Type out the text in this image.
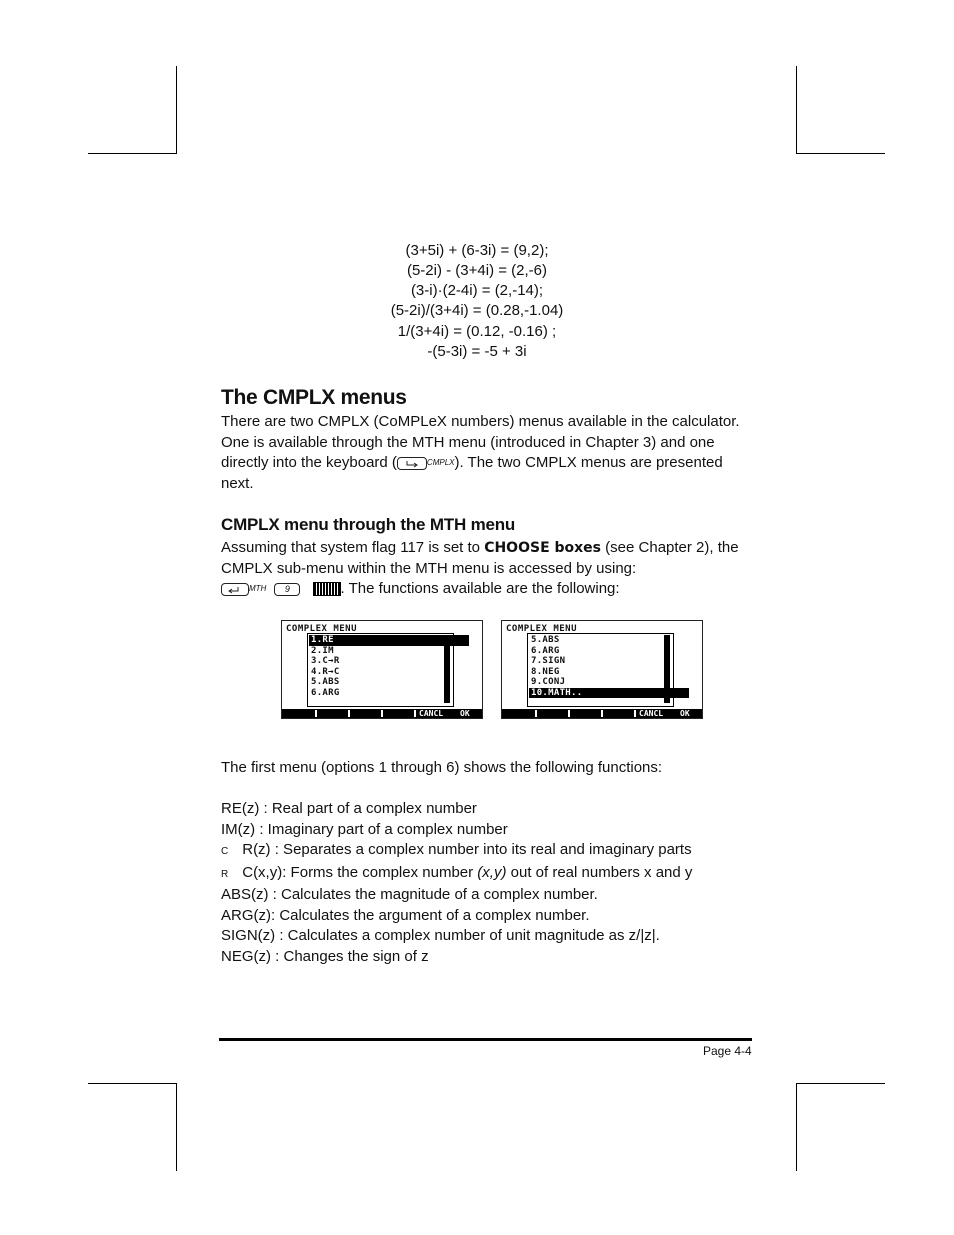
(3+5i) + (6-3i) = (9,2);
(5-2i) - (3+4i) = (2,-6)
(3-i)·(2-4i) = (2,-14);
(5-2i)/(3+4i) = (0.28,-1.04)
1/(3+4i) = (0.12, -0.16) ;
-(5-3i) = -5 + 3i
The CMPLX menus
There are two CMPLX (CoMPLeX numbers) menus available in the calculator. One is available through the MTH menu (introduced in Chapter 3) and one directly into the keyboard (	CMPLX). The two CMPLX menus are presented next.
CMPLX menu through the MTH menu
Assuming that system flag 117 is set to CHOOSE boxes (see Chapter 2), the CMPLX sub-menu within the MTH menu is accessed by using:

MTH 9	. The functions available are the following:
COMPLEX MENU
1.RE
2.IM
3.C→R
4.R→C
5.ABS
6.ARG
CANCL OK
COMPLEX MENU
5.ABS
6.ARG
7.SIGN
8.NEG
9.CONJ
10.MATH..
CANCL OK
The first menu (options 1 through 6) shows the following functions:
RE(z) : Real part of a complex number
IM(z) : Imaginary part of a complex number
C R(z) : Separates a complex number into its real and imaginary parts
R C(x,y): Forms the complex number (x,y) out of real numbers x and y
ABS(z) : Calculates the magnitude of a complex number.
ARG(z): Calculates the argument of a complex number.
SIGN(z) : Calculates a complex number of unit magnitude as z/|z|.
NEG(z) : Changes the sign of z
Page 4-4
